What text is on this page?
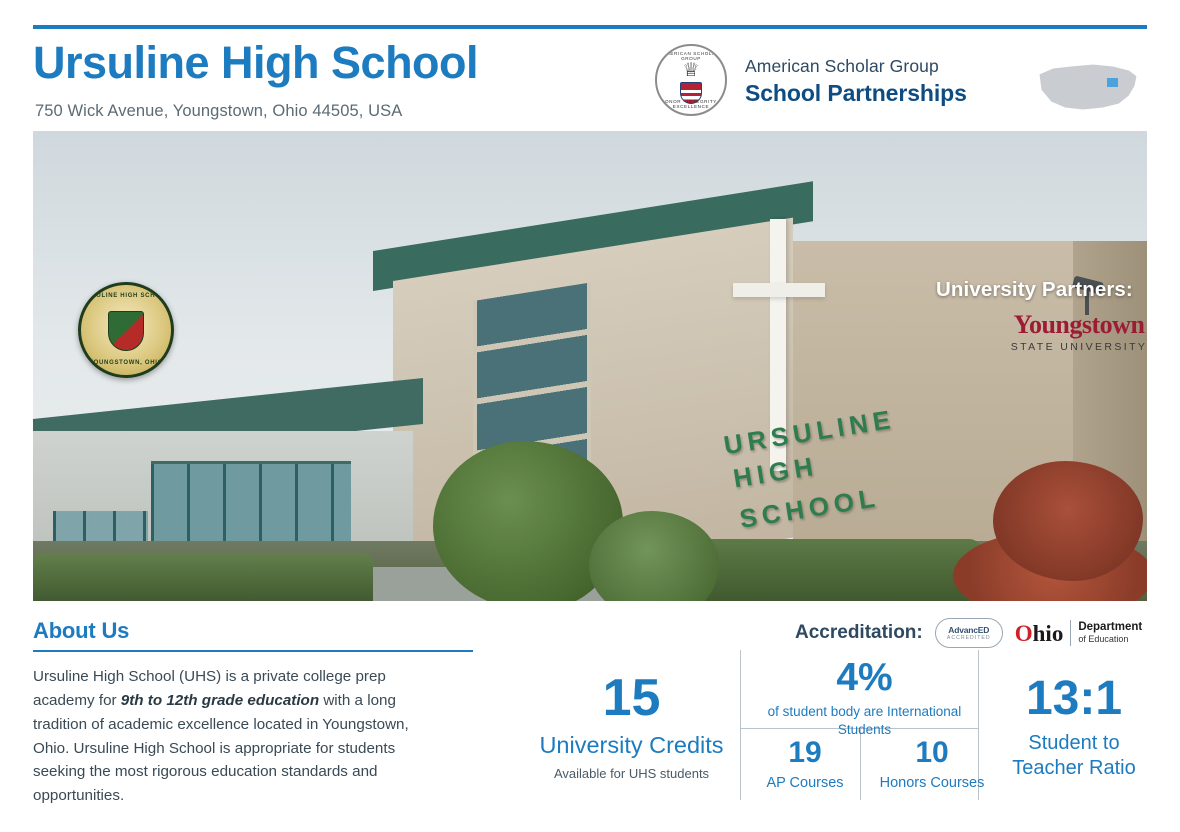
Ursuline High School
750 Wick Avenue, Youngstown, Ohio 44505, USA
AMERICAN SCHOLAR GROUP
♕
HONOR · INTEGRITY · EXCELLENCE
American Scholar Group
School Partnerships
URSULINE
HIGH
SCHOOL
URSULINE HIGH SCHOOL
YOUNGSTOWN, OHIO
University Partners:
Youngstown
STATE UNIVERSITY
About Us
Ursuline High School (UHS) is a private college prep academy for 9th to 12th grade education with a long tradition of academic excellence located in Youngstown, Ohio. Ursuline High School is appropriate for students seeking the most rigorous education standards and opportunities.
Accreditation:	AdvancED
ACCREDITED Ohio Department
of Education
15
University Credits
Available for UHS students
4%
of student body are International Students
19
AP Courses
10
Honors Courses
13:1
Student to Teacher Ratio
